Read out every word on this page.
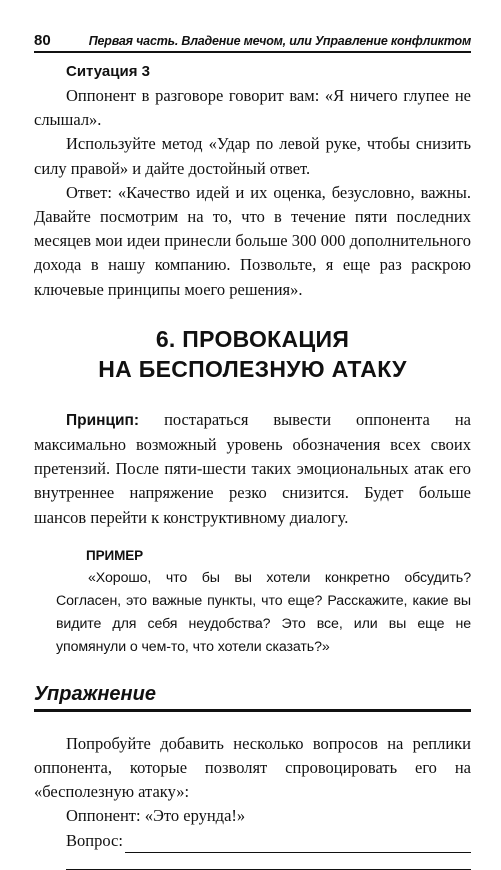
80	Первая часть. Владение мечом, или Управление конфликтом
Ситуация 3

Оппонент в разговоре говорит вам: «Я ничего глупее не слышал».

Используйте метод «Удар по левой руке, чтобы снизить силу правой» и дайте достойный ответ.

Ответ: «Качество идей и их оценка, безусловно, важны. Давайте посмотрим на то, что в течение пяти последних месяцев мои идеи принесли больше 300 000 дополнительного дохода в нашу компанию. Позвольте, я еще раз раскрою ключевые принципы моего решения».

6. ПРОВОКАЦИЯ
НА БЕСПОЛЕЗНУЮ АТАКУ

Принцип: постараться вывести оппонента на максимально возможный уровень обозначения всех своих претензий. После пяти-шести таких эмоциональных атак его внутреннее напряжение резко снизится. Будет больше шансов перейти к конструктивному диалогу.

ПРИМЕР

«Хорошо, что бы вы хотели конкретно обсудить? Согласен, это важные пункты, что еще? Расскажите, какие вы видите для себя неудобства? Это все, или вы еще не упомянули о чем-то, что хотели сказать?»

Упражнение

Попробуйте добавить несколько вопросов на реплики оппонента, которые позволят спровоцировать его на «бесполезную атаку»:

Оппонент: «Это ерунда!»

Вопрос:
